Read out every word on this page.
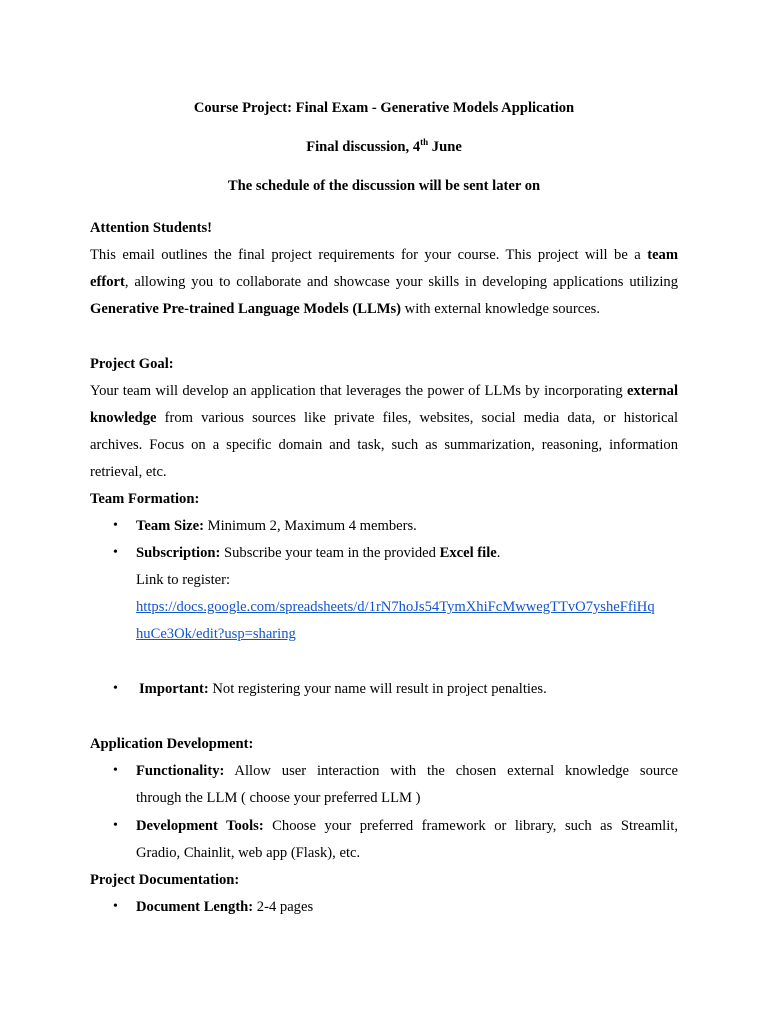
Course Project: Final Exam - Generative Models Application
Final discussion, 4th June
The schedule of the discussion will be sent later on
Attention Students!
This email outlines the final project requirements for your course. This project will be a team
effort, allowing you to collaborate and showcase your skills in developing applications utilizing
Generative Pre-trained Language Models (LLMs) with external knowledge sources.
Project Goal:
Your team will develop an application that leverages the power of LLMs by incorporating external
knowledge from various sources like private files, websites, social media data, or historical
archives. Focus on a specific domain and task, such as summarization, reasoning, information
retrieval, etc.
Team Formation:
• Team Size: Minimum 2, Maximum 4 members.
• Subscription: Subscribe your team in the provided Excel file.
Link to register:
https://docs.google.com/spreadsheets/d/1rN7hoJs54TymXhiFcMwwegTTvO7ysheFfiHq
huCe3Ok/edit?usp=sharing
• Important: Not registering your name will result in project penalties.
Application Development:
• Functionality: Allow user interaction with the chosen external knowledge source
through the LLM ( choose your preferred LLM )
• Development Tools: Choose your preferred framework or library, such as Streamlit,
Gradio, Chainlit, web app (Flask), etc.
Project Documentation:
• Document Length: 2-4 pages
